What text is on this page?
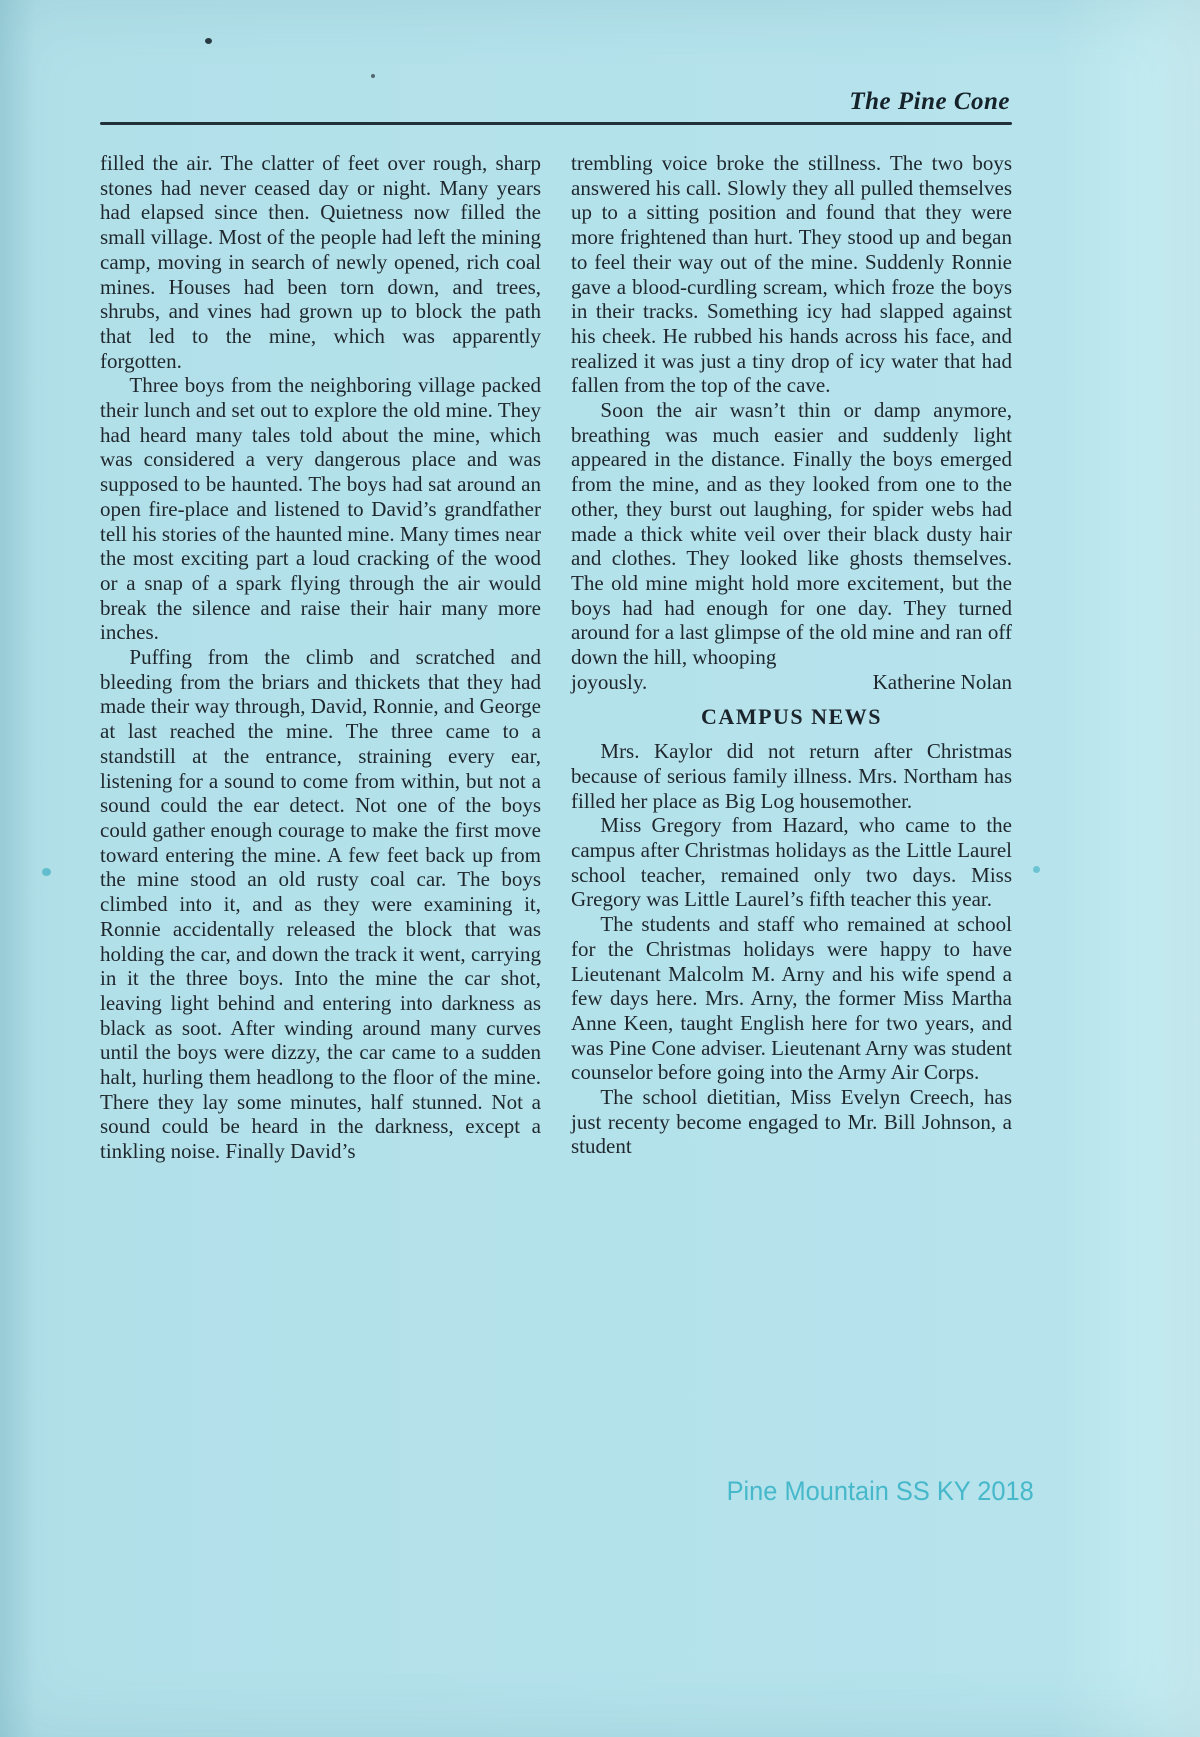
The Pine Cone

filled the air. The clatter of feet over rough, sharp stones had never ceased day or night. Many years had elapsed since then. Quietness now filled the small village. Most of the people had left the mining camp, moving in search of newly opened, rich coal mines. Houses had been torn down, and trees, shrubs, and vines had grown up to block the path that led to the mine, which was apparently forgotten.

Three boys from the neighboring village packed their lunch and set out to explore the old mine. They had heard many tales told about the mine, which was considered a very dangerous place and was supposed to be haunted. The boys had sat around an open fire-place and listened to David’s grandfather tell his stories of the haunted mine. Many times near the most exciting part a loud cracking of the wood or a snap of a spark flying through the air would break the silence and raise their hair many more inches.

Puffing from the climb and scratched and bleeding from the briars and thickets that they had made their way through, David, Ronnie, and George at last reached the mine. The three came to a standstill at the entrance, straining every ear, listening for a sound to come from within, but not a sound could the ear detect. Not one of the boys could gather enough courage to make the first move toward entering the mine. A few feet back up from the mine stood an old rusty coal car. The boys climbed into it, and as they were examining it, Ronnie accidentally released the block that was holding the car, and down the track it went, carrying in it the three boys. Into the mine the car shot, leaving light behind and entering into darkness as black as soot. After winding around many curves until the boys were dizzy, the car came to a sudden halt, hurling them headlong to the floor of the mine. There they lay some minutes, half stunned. Not a sound could be heard in the darkness, except a tinkling noise. Finally David’s

trembling voice broke the stillness. The two boys answered his call. Slowly they all pulled themselves up to a sitting position and found that they were more frightened than hurt. They stood up and began to feel their way out of the mine. Suddenly Ronnie gave a blood-curdling scream, which froze the boys in their tracks. Something icy had slapped against his cheek. He rubbed his hands across his face, and realized it was just a tiny drop of icy water that had fallen from the top of the cave.

Soon the air wasn’t thin or damp anymore, breathing was much easier and suddenly light appeared in the distance. Finally the boys emerged from the mine, and as they looked from one to the other, they burst out laughing, for spider webs had made a thick white veil over their black dusty hair and clothes. They looked like ghosts themselves. The old mine might hold more excitement, but the boys had had enough for one day. They turned around for a last glimpse of the old mine and ran off down the hill, whooping

joyously.	Katherine Nolan
CAMPUS NEWS

Mrs. Kaylor did not return after Christmas because of serious family illness. Mrs. Northam has filled her place as Big Log housemother.

Miss Gregory from Hazard, who came to the campus after Christmas holidays as the Little Laurel school teacher, remained only two days. Miss Gregory was Little Laurel’s fifth teacher this year.

The students and staff who remained at school for the Christmas holidays were happy to have Lieutenant Malcolm M. Arny and his wife spend a few days here. Mrs. Arny, the former Miss Martha Anne Keen, taught English here for two years, and was Pine Cone adviser. Lieutenant Arny was student counselor before going into the Army Air Corps.

The school dietitian, Miss Evelyn Creech, has just recenty become engaged to Mr. Bill Johnson, a student

Pine Mountain SS KY 2018
